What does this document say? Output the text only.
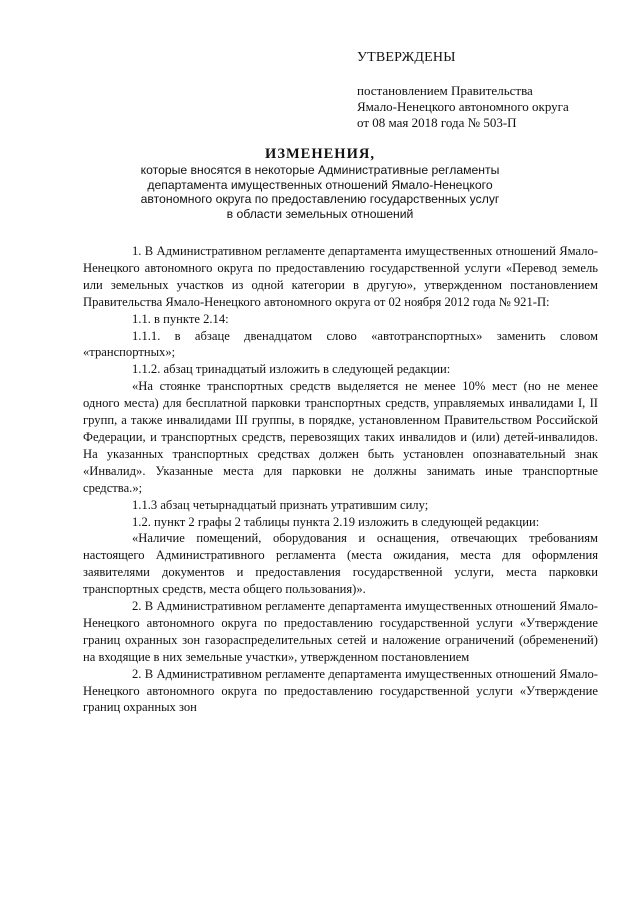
УТВЕРЖДЕНЫ
постановлением Правительства
Ямало-Ненецкого автономного округа
от 08 мая 2018 года № 503-П
ИЗМЕНЕНИЯ,
которые вносятся в некоторые Административные регламенты
департамента имущественных отношений Ямало-Ненецкого
автономного округа по предоставлению государственных услуг
в области земельных отношений

1. В Административном регламенте департамента имущественных отношений Ямало-Ненецкого автономного округа по предоставлению государственной услуги «Перевод земель или земельных участков из одной категории в другую», утвержденном постановлением Правительства Ямало-Ненецкого автономного округа от 02 ноября 2012 года № 921-П:

1.1. в пункте 2.14:

1.1.1. в абзаце двенадцатом слово «автотранспортных» заменить словом «транспортных»;

1.1.2. абзац тринадцатый изложить в следующей редакции:

«На стоянке транспортных средств выделяется не менее 10% мест (но не менее одного места) для бесплатной парковки транспортных средств, управляемых инвалидами I, II групп, а также инвалидами III группы, в порядке, установленном Правительством Российской Федерации, и транспортных средств, перевозящих таких инвалидов и (или) детей-инвалидов. На указанных транспортных средствах должен быть установлен опознавательный знак «Инвалид». Указанные места для парковки не должны занимать иные транспортные средства.»;

1.1.3 абзац четырнадцатый признать утратившим силу;

1.2. пункт 2 графы 2 таблицы пункта 2.19 изложить в следующей редакции:

«Наличие помещений, оборудования и оснащения, отвечающих требованиям настоящего Административного регламента (места ожидания, места для оформления заявителями документов и предоставления государственной услуги, места парковки транспортных средств, места общего пользования)».

2. В Административном регламенте департамента имущественных отношений Ямало-Ненецкого автономного округа по предоставлению государственной услуги «Утверждение границ охранных зон газораспределительных сетей и наложение ограничений (обременений) на входящие в них земельные участки», утвержденном постановлением

2. В Административном регламенте департамента имущественных отношений Ямало-Ненецкого автономного округа по предоставлению государственной услуги «Утверждение границ охранных зон
